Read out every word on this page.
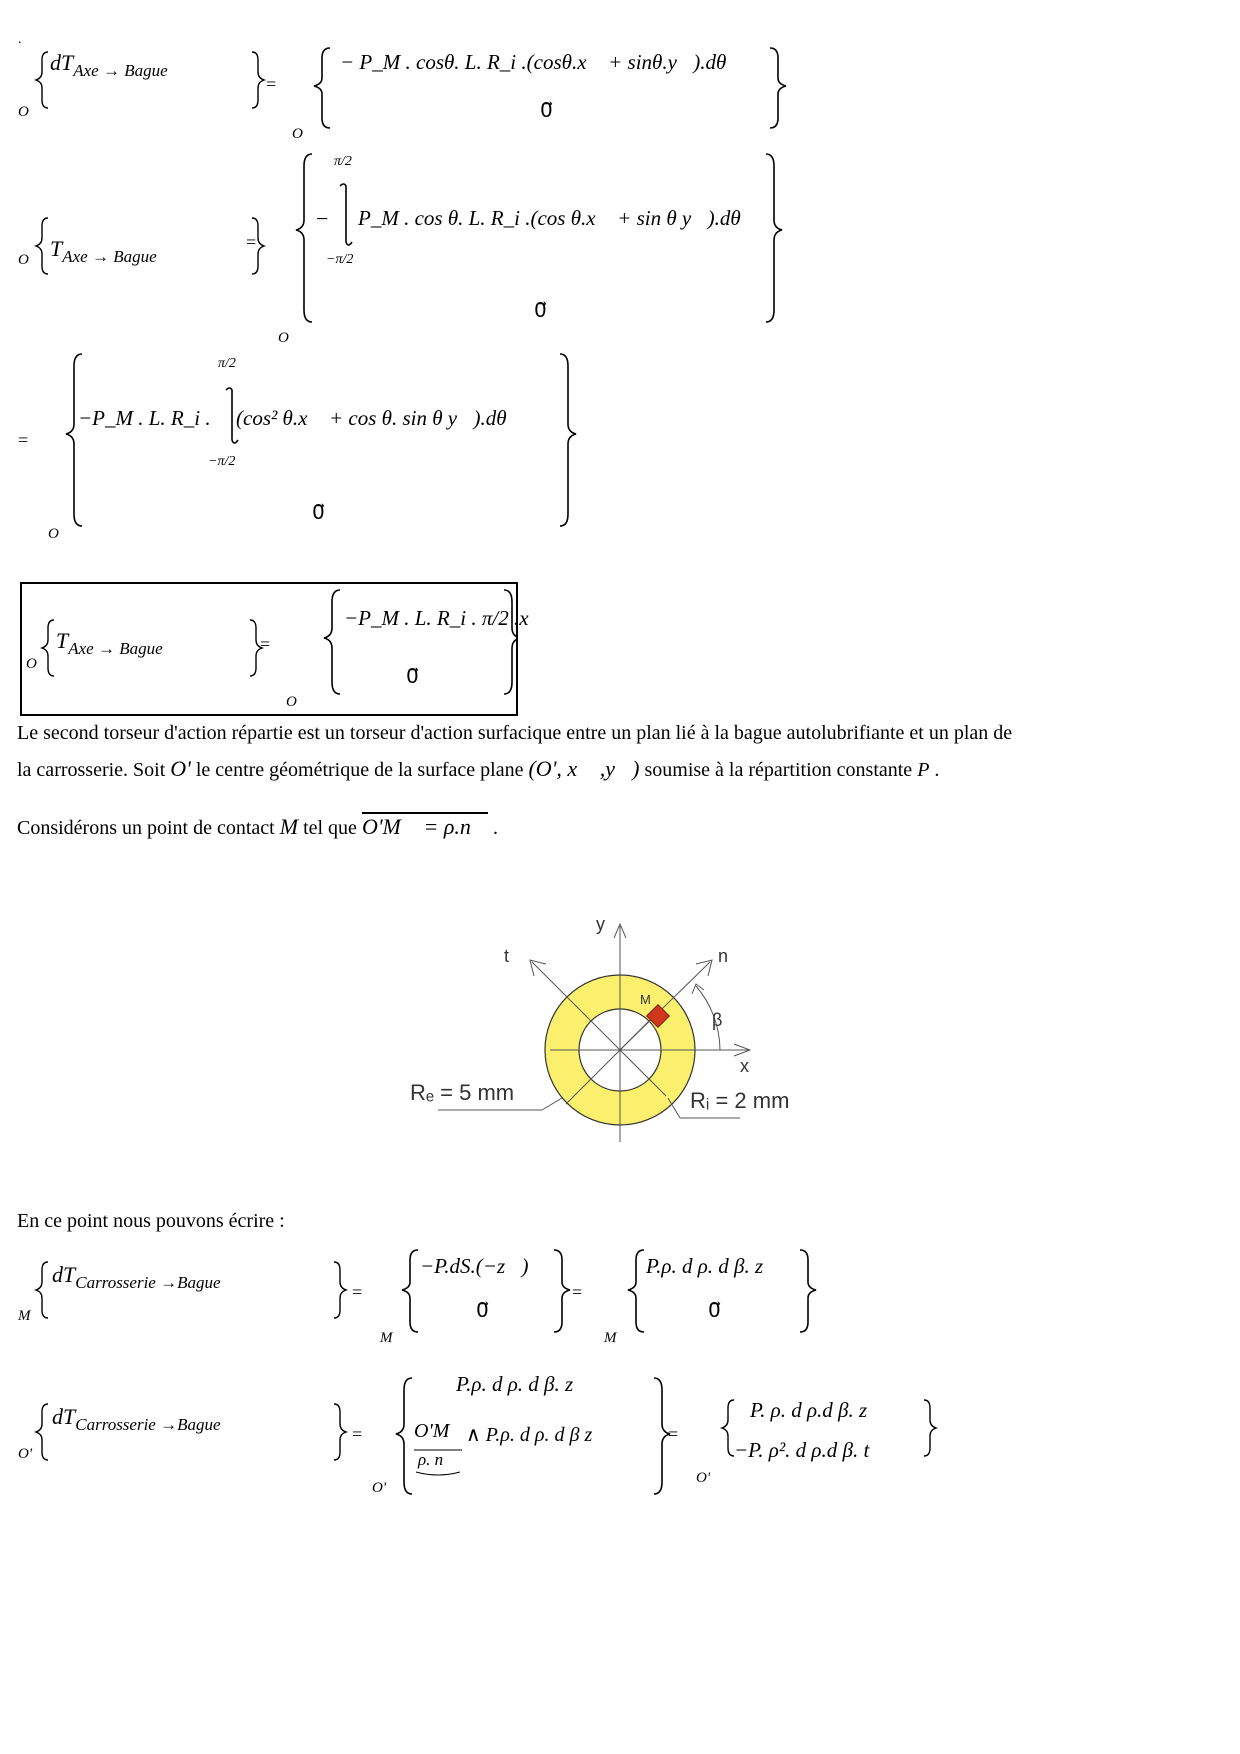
.
O
$dT_{Axe \to Bague}$
=
− P_M . cosθ. L. R_i .(cosθ.x⃗ + sinθ.y⃗).dθ
0⃗
O
O $T_{Axe \to Bague}$
=
π/2
−π/2
− P_M . cos θ. L. R_i .(cos θ.x⃗ + sin θ y⃗).dθ
0⃗
O
=
π/2
−π/2
−P_M . L. R_i . (cos² θ.x⃗ + cos θ. sin θ y⃗).dθ
0⃗
O
O
$T_{Axe \to Bague}$	=
−P_M . L. R_i . π/2 .x⃗
0⃗
O
Le second torseur d'action répartie est un torseur d'action surfacique entre un plan lié à la bague autolubrifiante et un plan de
la carrosserie. Soit O' le centre géométrique de la surface plane (O', x⃗ ,y⃗) soumise à la répartition constante P .
Considérons un point de contact M tel que O'M⃗ = ρ.n⃗ .
y
t	n
M
β
x
Rₑ = 5 mm	Rᵢ = 2 mm
En ce point nous pouvons écrire :
M
$dT_{Carrosserie \to Bague}$	=
−P.dS.(−z⃗)
0⃗
M
=
P.ρ. d ρ. d β. z⃗
0⃗
M
O'
$dT_{Carrosserie \to Bague}$	=
P.ρ. d ρ. d β. z⃗
O'M ∧ P.ρ. d ρ. d β z⃗
ρ. n⃗
O'
=
P. ρ. d ρ.d β. z⃗
−P. ρ². d ρ.d β. t⃗
O'
